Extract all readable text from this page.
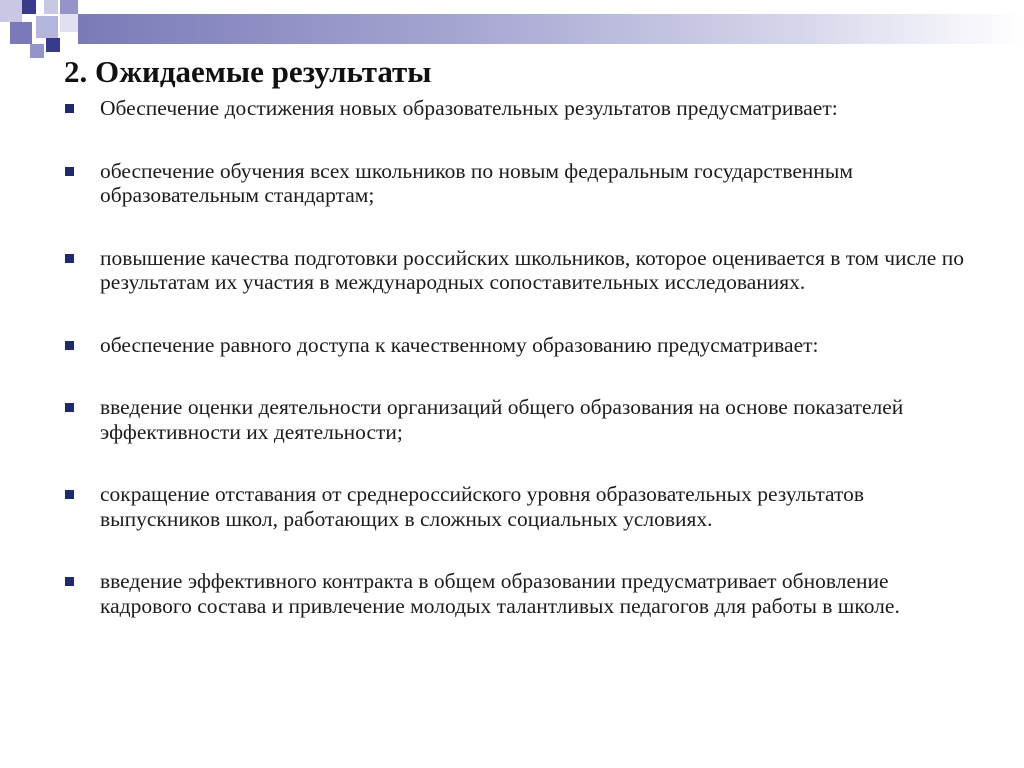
2. Ожидаемые результаты
Обеспечение достижения новых образовательных результатов предусматривает:
обеспечение обучения всех школьников по новым федеральным государственным образовательным стандартам;
повышение качества подготовки российских школьников, которое оценивается в том числе по результатам их участия в международных сопоставительных исследованиях.
обеспечение равного доступа к качественному образованию предусматривает:
введение оценки деятельности организаций общего образования на основе показателей эффективности их деятельности;
сокращение отставания от среднероссийского уровня образовательных результатов выпускников школ, работающих в сложных социальных условиях.
введение эффективного контракта в общем образовании предусматривает обновление кадрового состава и привлечение молодых талантливых педагогов для работы в школе.
